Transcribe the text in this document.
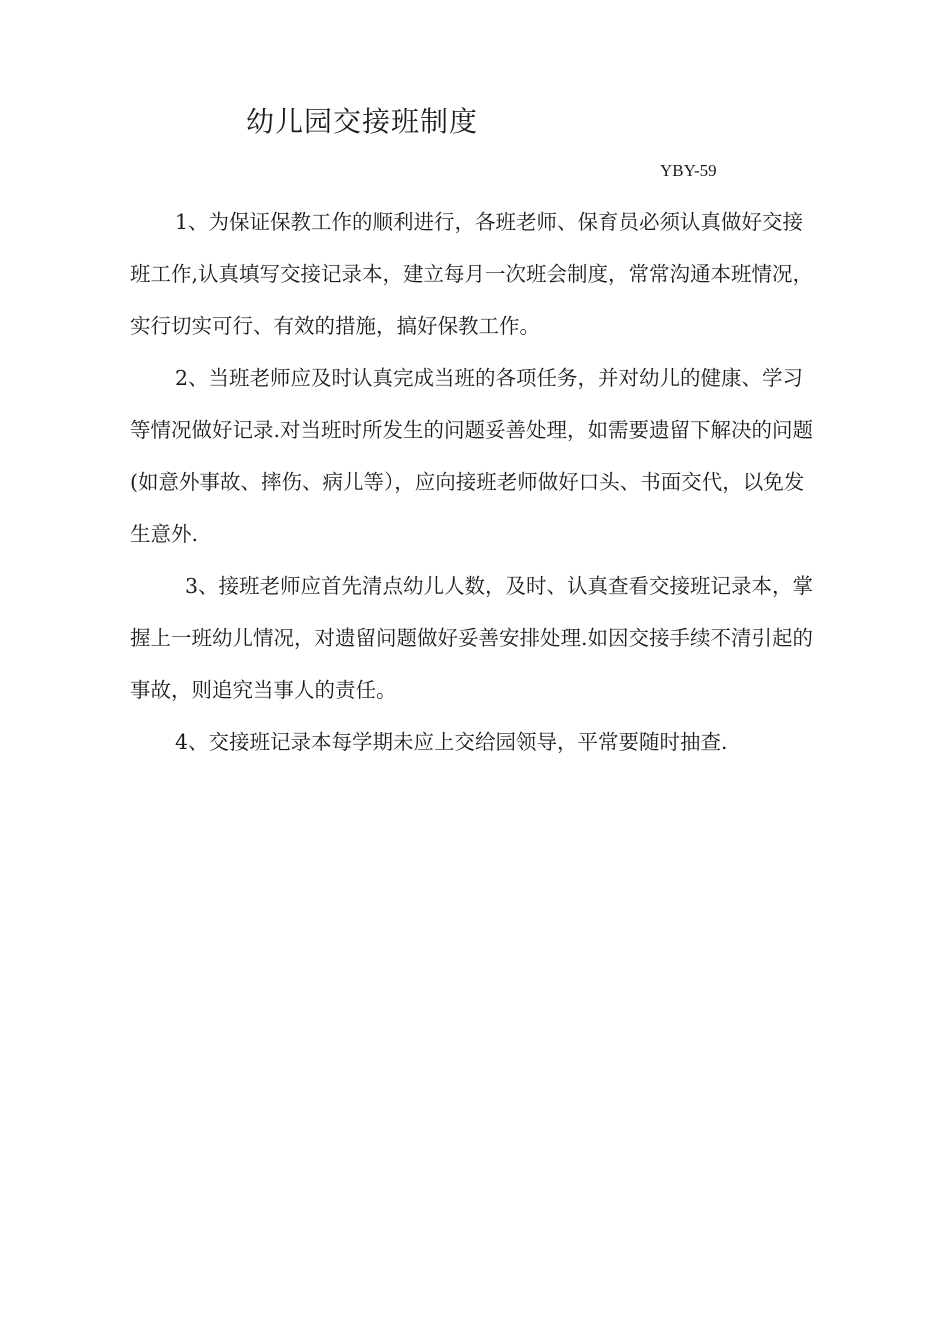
幼儿园交接班制度
YBY-59

1、为保证保教工作的顺利进行，各班老师、保育员必须认真做好交接班工作,认真填写交接记录本，建立每月一次班会制度，常常沟通本班情况，实行切实可行、有效的措施，搞好保教工作。

2、当班老师应及时认真完成当班的各项任务，并对幼儿的健康、学习等情况做好记录.对当班时所发生的问题妥善处理，如需要遗留下解决的问题(如意外事故、摔伤、病儿等），应向接班老师做好口头、书面交代，以免发生意外.

3、接班老师应首先清点幼儿人数，及时、认真查看交接班记录本，掌握上一班幼儿情况，对遗留问题做好妥善安排处理.如因交接手续不清引起的事故，则追究当事人的责任。

4、交接班记录本每学期未应上交给园领导，平常要随时抽查.
